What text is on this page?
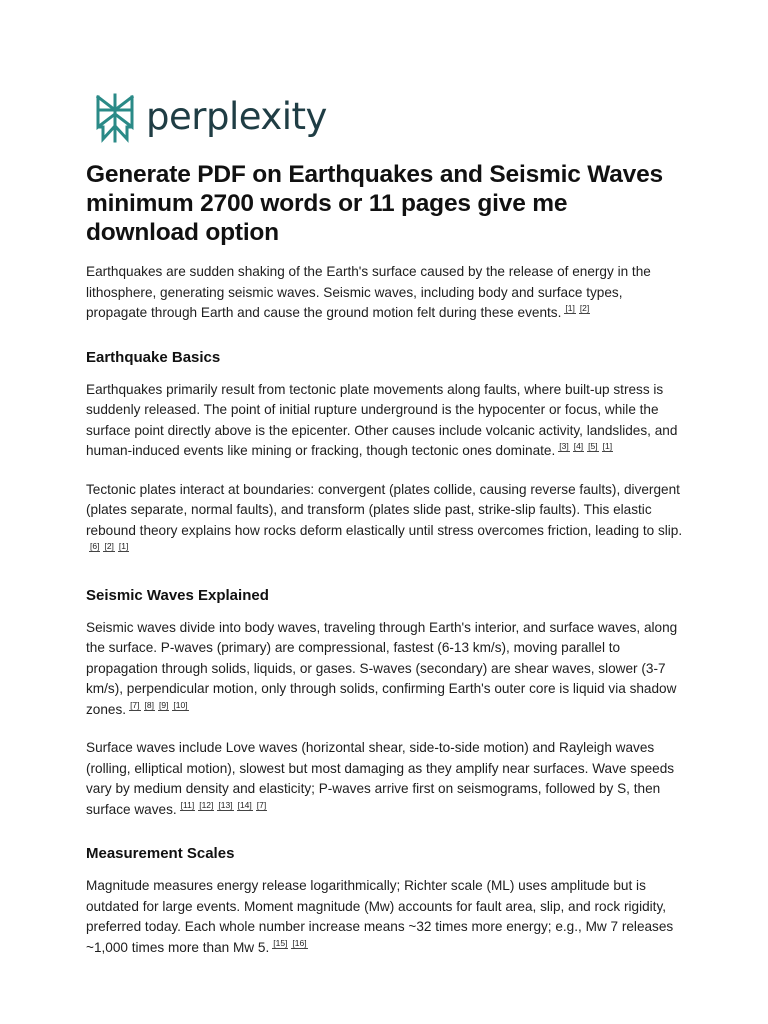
perplexity
Generate PDF on Earthquakes and Seismic Waves minimum 2700 words or 11 pages give me download option

Earthquakes are sudden shaking of the Earth's surface caused by the release of energy in the lithosphere, generating seismic waves. Seismic waves, including body and surface types, propagate through Earth and cause the ground motion felt during these events. [1] [2]

Earthquake Basics

Earthquakes primarily result from tectonic plate movements along faults, where built-up stress is suddenly released. The point of initial rupture underground is the hypocenter or focus, while the surface point directly above is the epicenter. Other causes include volcanic activity, landslides, and human-induced events like mining or fracking, though tectonic ones dominate. [3] [4] [5] [1]

Tectonic plates interact at boundaries: convergent (plates collide, causing reverse faults), divergent (plates separate, normal faults), and transform (plates slide past, strike-slip faults). This elastic rebound theory explains how rocks deform elastically until stress overcomes friction, leading to slip.[6] [2] [1]

Seismic Waves Explained

Seismic waves divide into body waves, traveling through Earth's interior, and surface waves, along the surface. P-waves (primary) are compressional, fastest (6-13 km/s), moving parallel to propagation through solids, liquids, or gases. S-waves (secondary) are shear waves, slower (3-7 km/s), perpendicular motion, only through solids, confirming Earth's outer core is liquid via shadow zones. [7] [8] [9] [10]

Surface waves include Love waves (horizontal shear, side-to-side motion) and Rayleigh waves (rolling, elliptical motion), slowest but most damaging as they amplify near surfaces. Wave speeds vary by medium density and elasticity; P-waves arrive first on seismograms, followed by S, then surface waves. [11] [12] [13] [14] [7]

Measurement Scales

Magnitude measures energy release logarithmically; Richter scale (ML) uses amplitude but is outdated for large events. Moment magnitude (Mw) accounts for fault area, slip, and rock rigidity, preferred today. Each whole number increase means ~32 times more energy; e.g., Mw 7 releases ~1,000 times more than Mw 5. [15] [16]
